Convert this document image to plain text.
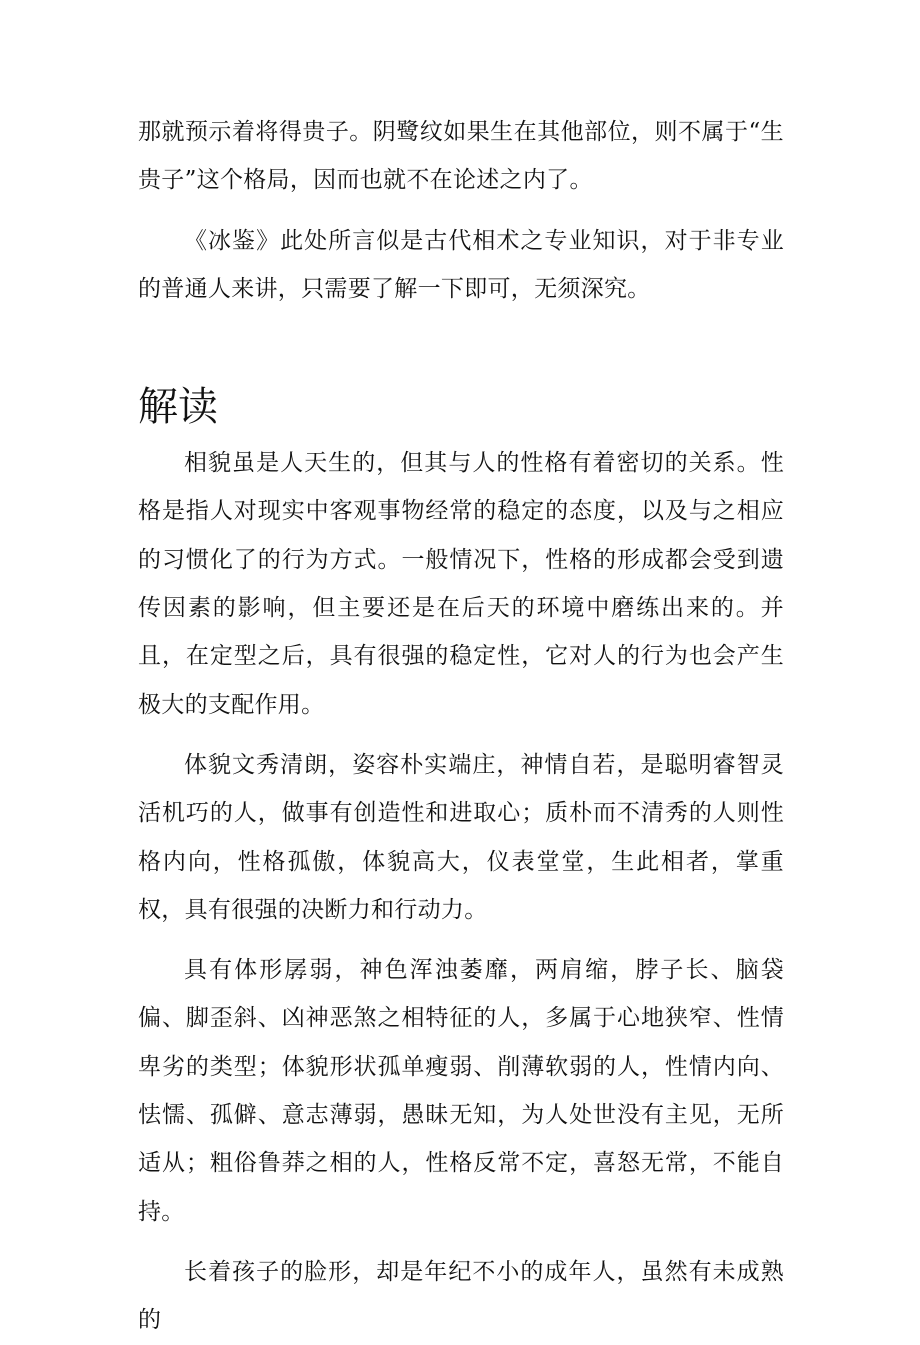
那就预示着将得贵子。阴鹭纹如果生在其他部位，则不属于“生贵子”这个格局，因而也就不在论述之内了。

《冰鉴》此处所言似是古代相术之专业知识，对于非专业的普通人来讲，只需要了解一下即可，无须深究。

解读

相貌虽是人天生的，但其与人的性格有着密切的关系。性格是指人对现实中客观事物经常的稳定的态度，以及与之相应的习惯化了的行为方式。一般情况下，性格的形成都会受到遗传因素的影响，但主要还是在后天的环境中磨练出来的。并且，在定型之后，具有很强的稳定性，它对人的行为也会产生极大的支配作用。

体貌文秀清朗，姿容朴实端庄，神情自若，是聪明睿智灵活机巧的人，做事有创造性和进取心；质朴而不清秀的人则性格内向，性格孤傲，体貌高大，仪表堂堂，生此相者，掌重权，具有很强的决断力和行动力。

具有体形孱弱，神色浑浊萎靡，两肩缩，脖子长、脑袋偏、脚歪斜、凶神恶煞之相特征的人，多属于心地狭窄、性情卑劣的类型；体貌形状孤单瘦弱、削薄软弱的人，性情内向、怯懦、孤僻、意志薄弱，愚昧无知，为人处世没有主见，无所适从；粗俗鲁莽之相的人，性格反常不定，喜怒无常，不能自持。

长着孩子的脸形，却是年纪不小的成年人，虽然有未成熟的
